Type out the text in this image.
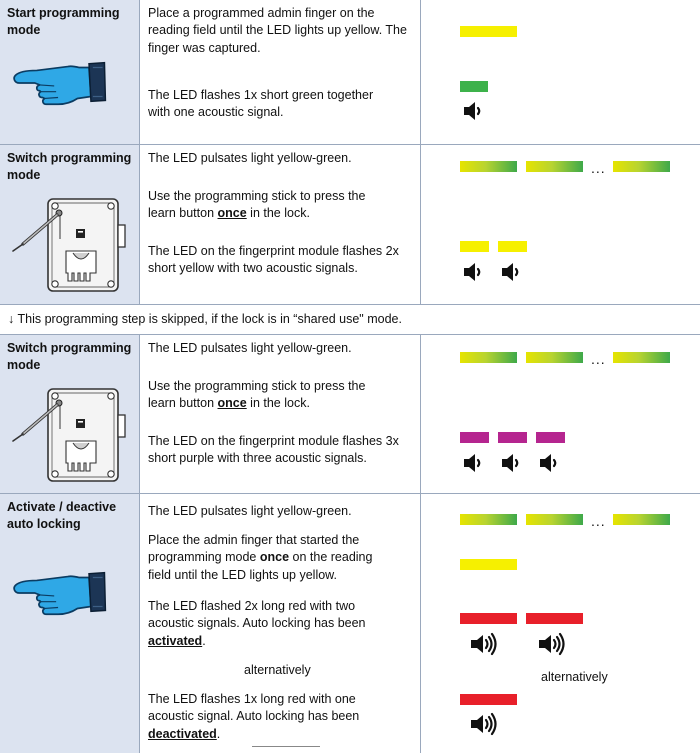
Start programming mode
Place a programmed admin finger on the reading field until the LED lights up yellow. The finger was captured.
The LED flashes 1x short green together with one acoustic signal.
Switch programming mode
The LED pulsates light yellow-green.
Use the programming stick to press the learn button once in the lock.
The LED on the fingerprint module flashes 2x short yellow with two acoustic signals.
...
↓ This programming step is skipped, if the lock is in “shared use" mode.
Switch programming mode
The LED pulsates light yellow-green.
Use the programming stick to press the learn button once in the lock.
The LED on the fingerprint module flashes 3x short purple with three acoustic signals.
...
Activate / deactive auto locking
The LED pulsates light yellow-green.
Place the admin finger that started the programming mode once on the reading field until the LED lights up yellow.
The LED flashed 2x long red with two acoustic signals. Auto locking has been activated.
alternatively
The LED flashes 1x long red with one acoustic signal. Auto locking has been deactivated.
...
alternatively
